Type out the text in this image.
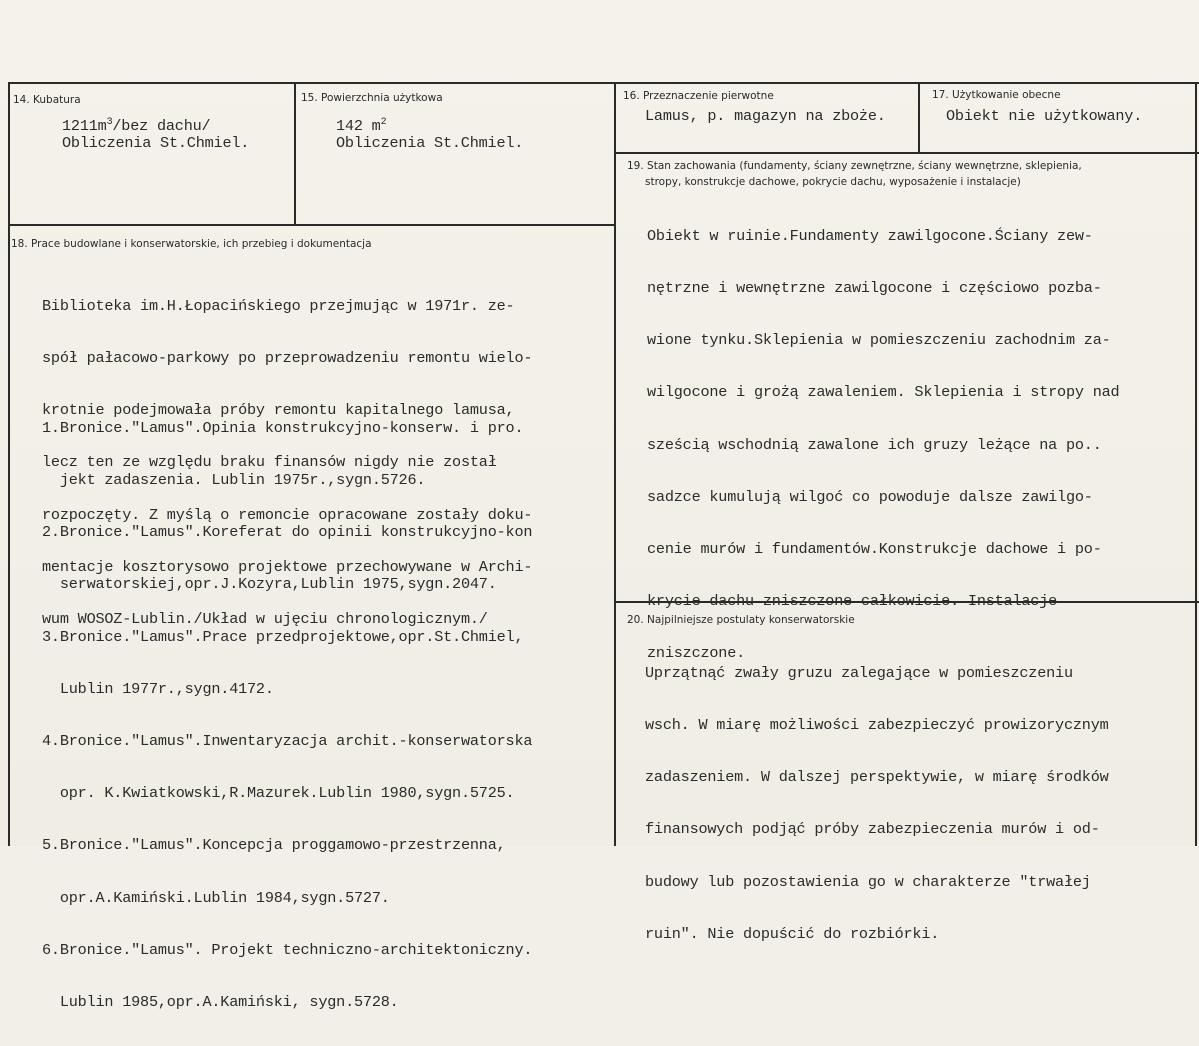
14. Kubatura
$1211m^3$/bez dachu/
Obliczenia St.Chmiel.
15. Powierzchnia użytkowa
142 $m^2$
Obliczenia St.Chmiel.
16. Przeznaczenie pierwotne
Lamus, p. magazyn na zboże.
17. Użytkowanie obecne
Obiekt nie użytkowany.
19. Stan zachowania (fundamenty, ściany zewnętrzne, ściany wewnętrzne, sklepienia,
stropy, konstrukcje dachowe, pokrycie dachu, wyposażenie i instalacje)

Obiekt w ruinie.Fundamenty zawilgocone.Ściany zew-

nętrzne i wewnętrzne zawilgocone i częściowo pozba-

wione tynku.Sklepienia w pomieszczeniu zachodnim za-

wilgocone i grożą zawaleniem. Sklepienia i stropy nad

sześcią wschodnią zawalone ich gruzy leżące na po..

sadzce kumulują wilgoć co powoduje dalsze zawilgo-

cenie murów i fundamentów.Konstrukcje dachowe i po-

krycie dachu zniszczone całkowicie. Instalacje

zniszczone.

18. Prace budowlane i konserwatorskie, ich przebieg i dokumentacja

Biblioteka im.H.Łopacińskiego przejmując w 1971r. ze-

spół pałacowo-parkowy po przeprowadzeniu remontu wielo-

krotnie podejmowała próby remontu kapitalnego lamusa,

lecz ten ze względu braku finansów nigdy nie został

rozpoczęty. Z myślą o remoncie opracowane zostały doku-

mentacje kosztorysowo projektowe przechowywane w Archi-

wum WOSOZ-Lublin./Układ w ujęciu chronologicznym./

1.Bronice."Lamus".Opinia konstrukcyjno-konserw. i pro.

jekt zadaszenia. Lublin 1975r.,sygn.5726.

2.Bronice."Lamus".Koreferat do opinii konstrukcyjno-kon

serwatorskiej,opr.J.Kozyra,Lublin 1975,sygn.2047.

3.Bronice."Lamus".Prace przedprojektowe,opr.St.Chmiel,

Lublin 1977r.,sygn.4172.

4.Bronice."Lamus".Inwentaryzacja archit.-konserwatorska

opr. K.Kwiatkowski,R.Mazurek.Lublin 1980,sygn.5725.

5.Bronice."Lamus".Koncepcja proggamowo-przestrzenna,

opr.A.Kamiński.Lublin 1984,sygn.5727.

6.Bronice."Lamus". Projekt techniczno-architektoniczny.

Lublin 1985,opr.A.Kamiński, sygn.5728.

20. Najpilniejsze postulaty konserwatorskie

Uprzątnąć zwały gruzu zalegające w pomieszczeniu

wsch. W miarę możliwości zabezpieczyć prowizorycznym

zadaszeniem. W dalszej perspektywie, w miarę środków

finansowych podjąć próby zabezpieczenia murów i od-

budowy lub pozostawienia go w charakterze "trwałej

ruin". Nie dopuścić do rozbiórki.
